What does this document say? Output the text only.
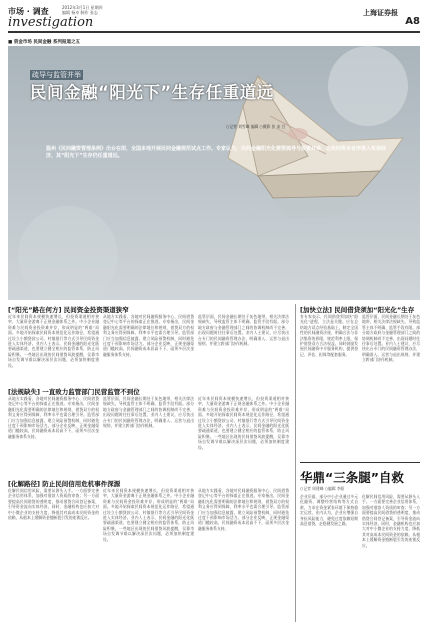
市场 · 调查	2012年3月1日 星期四
编辑 杨卓 制作 张志
investigation
上海证券报
A8
■ 资金市场 民间金融 系列报道之五
疏导与监管并举
民间金融“阳光下”生存任重道远
○记者 刘雪峰 编辑 ○摄影 张 宋 吕
温州《民间融资管理条例》出台在即，全国多地开展民间金融规范试点工作。专家认为，民间金融阳光化需要疏导与监管并举，让民间资本有序进入实体经济，其“阳光下”生存仍任重道远。
[“阳光”路在何方] 民间资金投资渠道狭窄
近年来民间资本规模快速增长，但投资渠道相对狭窄，大量资金游离于正规金融体系之外。中小企业融资难与民间资金投资难并存，形成明显的“两难”局面。多地开始探索民间资本规范化运作路径，希望通过设立小额贷款公司、村镇银行等方式引导民间资金进入实体经济。业内人士表示，民间金融的阳光化既要疏通渠道，也要建立健全相应的监管体系，防止风险积聚。一些地区出现的民间借贷风波提醒，仅靠市场自发调节难以解决深层次问题，必须加快制度建设。
从地方实践看，各地对民间融资服务中心、民间借贷登记中心等平台的探索正在推进。专家指出，民间金融阳光化需要明确的法律地位和规则，借贷双方的权利义务应得到保障，利率水平也需合理引导。监管部门应当加强信息披露，建立风险预警机制，同时避免过度干预影响市场活力。部分企业反映，正规金融渠道门槛较高，民间融资成本居高不下，亟须多层次金融服务体系支持。
监管层面，民间金融长期处于灰色地带，相关法律法规缺失，导致监管主体不明确、监管手段有限。部分地方政府与金融管理部门之间的协调机制尚不完善，出现问题时往往事后处置。业内人士建议，应尽快出台专门的民间融资管理办法，明确准入、运营与退出规则，并建立跨部门协作机制。
[法规缺失] 一直致力监管部门民营监管不到位
从地方实践看，各地对民间融资服务中心、民间借贷登记中心等平台的探索正在推进。专家指出，民间金融阳光化需要明确的法律地位和规则，借贷双方的权利义务应得到保障，利率水平也需合理引导。监管部门应当加强信息披露，建立风险预警机制，同时避免过度干预影响市场活力。部分企业反映，正规金融渠道门槛较高，民间融资成本居高不下，亟须多层次金融服务体系支持。
监管层面，民间金融长期处于灰色地带，相关法律法规缺失，导致监管主体不明确、监管手段有限。部分地方政府与金融管理部门之间的协调机制尚不完善，出现问题时往往事后处置。业内人士建议，应尽快出台专门的民间融资管理办法，明确准入、运营与退出规则，并建立跨部门协作机制。
近年来民间资本规模快速增长，但投资渠道相对狭窄，大量资金游离于正规金融体系之外。中小企业融资难与民间资金投资难并存，形成明显的“两难”局面。多地开始探索民间资本规范化运作路径，希望通过设立小额贷款公司、村镇银行等方式引导民间资金进入实体经济。业内人士表示，民间金融的阳光化既要疏通渠道，也要建立健全相应的监管体系，防止风险积聚。一些地区出现的民间借贷风波提醒，仅靠市场自发调节难以解决深层次问题，必须加快制度建设。
[化解路径] 防止民间信用危机事件深源
化解民间信用风险，需要从源头入手。一方面要完善企业信用体系，加强对借款人资质的审查；另一方面要提高民间借贷的透明度，推动借贷合同登记备案，引导资金流向实体经济。同时，金融机构也应加大对中小微企业的支持力度，降低其对高成本民间资金的依赖，从根本上缓解资金链断裂引发的连锁反应。
近年来民间资本规模快速增长，但投资渠道相对狭窄，大量资金游离于正规金融体系之外。中小企业融资难与民间资金投资难并存，形成明显的“两难”局面。多地开始探索民间资本规范化运作路径，希望通过设立小额贷款公司、村镇银行等方式引导民间资金进入实体经济。业内人士表示，民间金融的阳光化既要疏通渠道，也要建立健全相应的监管体系，防止风险积聚。一些地区出现的民间借贷风波提醒，仅靠市场自发调节难以解决深层次问题，必须加快制度建设。
从地方实践看，各地对民间融资服务中心、民间借贷登记中心等平台的探索正在推进。专家指出，民间金融阳光化需要明确的法律地位和规则，借贷双方的权利义务应得到保障，利率水平也需合理引导。监管部门应当加强信息披露，建立风险预警机制，同时避免过度干预影响市场活力。部分企业反映，正规金融渠道门槛较高，民间融资成本居高不下，亟须多层次金融服务体系支持。
[加快立法] 民间借贷须加“阳光化”生存
有专家表示，民间借贷须加快“阳光化”进程，立法是关键。应在总结地方试点经验基础上，制定全国性的民间融资法规，明确合法与非法集资的界限，规范利率上限，保护借贷双方合法权益。同时鼓励发展民间融资中介服务机构，提供登记、评估、担保等配套服务。
监管层面，民间金融长期处于灰色地带，相关法律法规缺失，导致监管主体不明确、监管手段有限。部分地方政府与金融管理部门之间的协调机制尚不完善，出现问题时往往事后处置。业内人士建议，应尽快出台专门的民间融资管理办法，明确准入、运营与退出规则，并建立跨部门协作机制。
华鼎“三条腿”自救
○记者 周建峰 ○编辑 李阳
企业层面，部分中小企业通过多元化融资、调整经营结构等方式自救，力求在资金紧张环境下保持稳定运营。业内认为，企业应增强自身抗风险能力，避免过度依赖短期高息借贷，走稳健发展之路。
化解民间信用风险，需要从源头入手。一方面要完善企业信用体系，加强对借款人资质的审查；另一方面要提高民间借贷的透明度，推动借贷合同登记备案，引导资金流向实体经济。同时，金融机构也应加大对中小微企业的支持力度，降低其对高成本民间资金的依赖，从根本上缓解资金链断裂引发的连锁反应。
